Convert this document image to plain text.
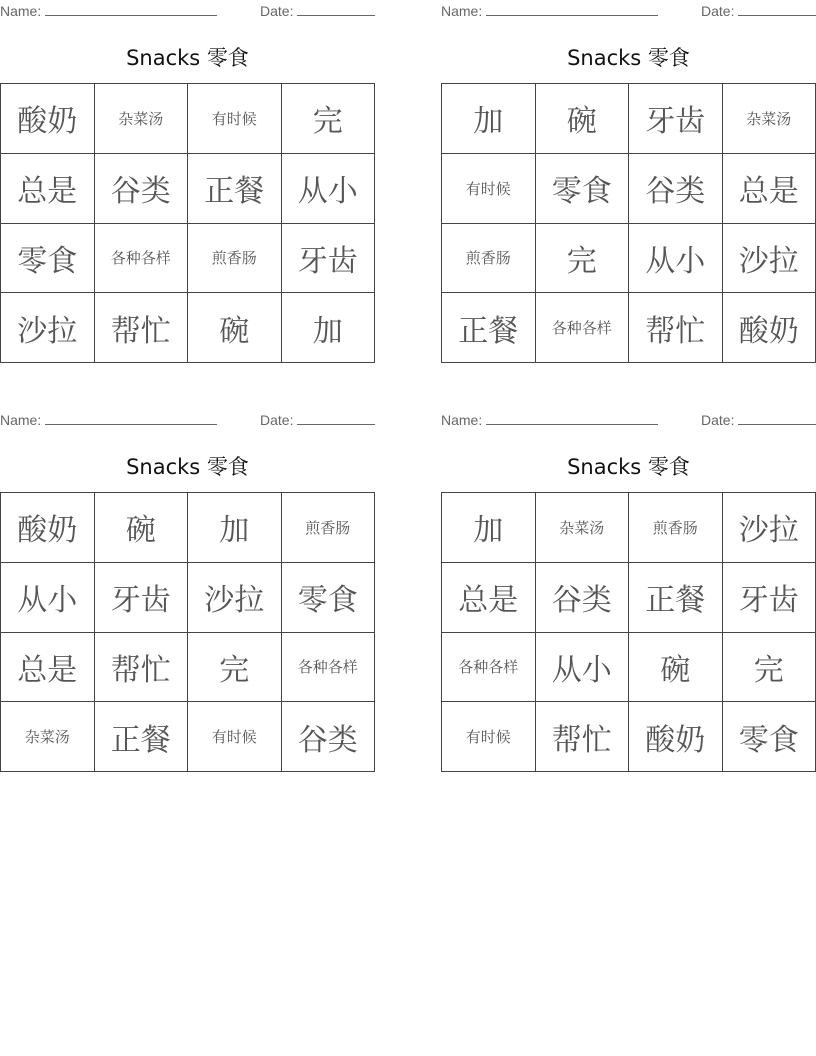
Name:	Date:
Snacks 零食
酸奶	杂菜汤	有时候	完
总是	谷类	正餐	从小
零食	各种各样	煎香肠	牙齿
沙拉	帮忙	碗	加
Name:	Date:
Snacks 零食
加	碗	牙齿	杂菜汤
有时候	零食	谷类	总是
煎香肠	完	从小	沙拉
正餐	各种各样	帮忙	酸奶
Name:	Date:
Snacks 零食
酸奶	碗	加	煎香肠
从小	牙齿	沙拉	零食
总是	帮忙	完	各种各样
杂菜汤	正餐	有时候	谷类
Name:	Date:
Snacks 零食
加	杂菜汤	煎香肠	沙拉
总是	谷类	正餐	牙齿
各种各样	从小	碗	完
有时候	帮忙	酸奶	零食
